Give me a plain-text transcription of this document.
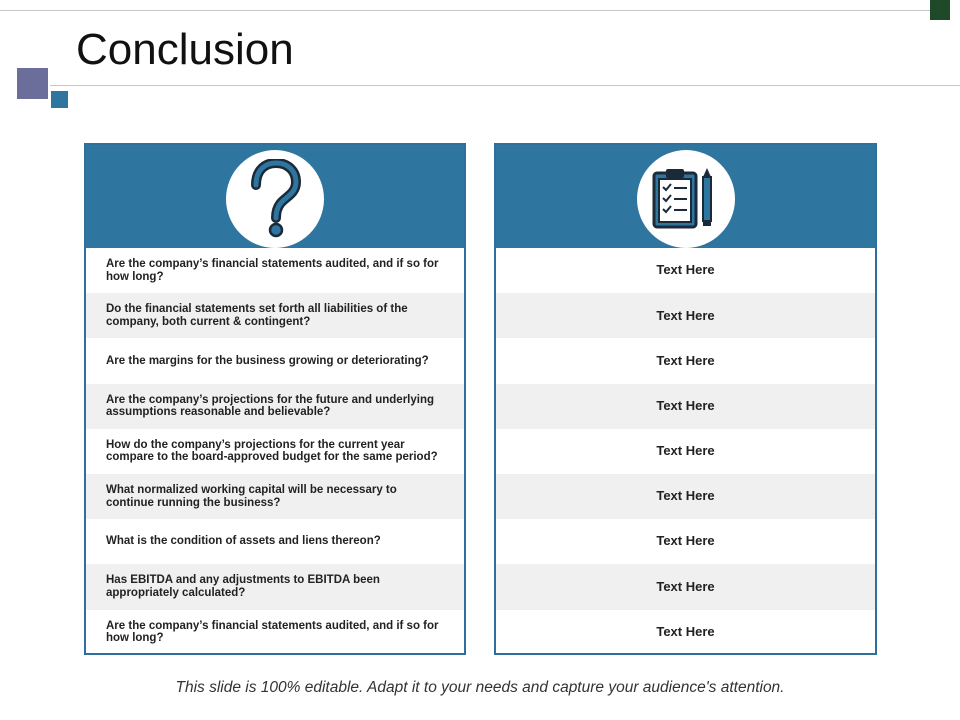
Conclusion
Are the company’s financial statements audited, and if so for how long?
Do the financial statements set forth all liabilities of the company, both current & contingent?
Are the margins for the business growing or deteriorating?
Are the company’s projections for the future and underlying assumptions reasonable and believable?
How do the company’s projections for the current year compare to the board-approved budget for the same period?
What normalized working capital will be necessary to continue running the business?
What is the condition of assets and liens thereon?
Has EBITDA and any adjustments to EBITDA been appropriately calculated?
Are the company’s financial statements audited, and if so for how long?
Text Here
Text Here
Text Here
Text Here
Text Here
Text Here
Text Here
Text Here
Text Here
This slide is 100% editable. Adapt it to your needs and capture your audience's attention.
